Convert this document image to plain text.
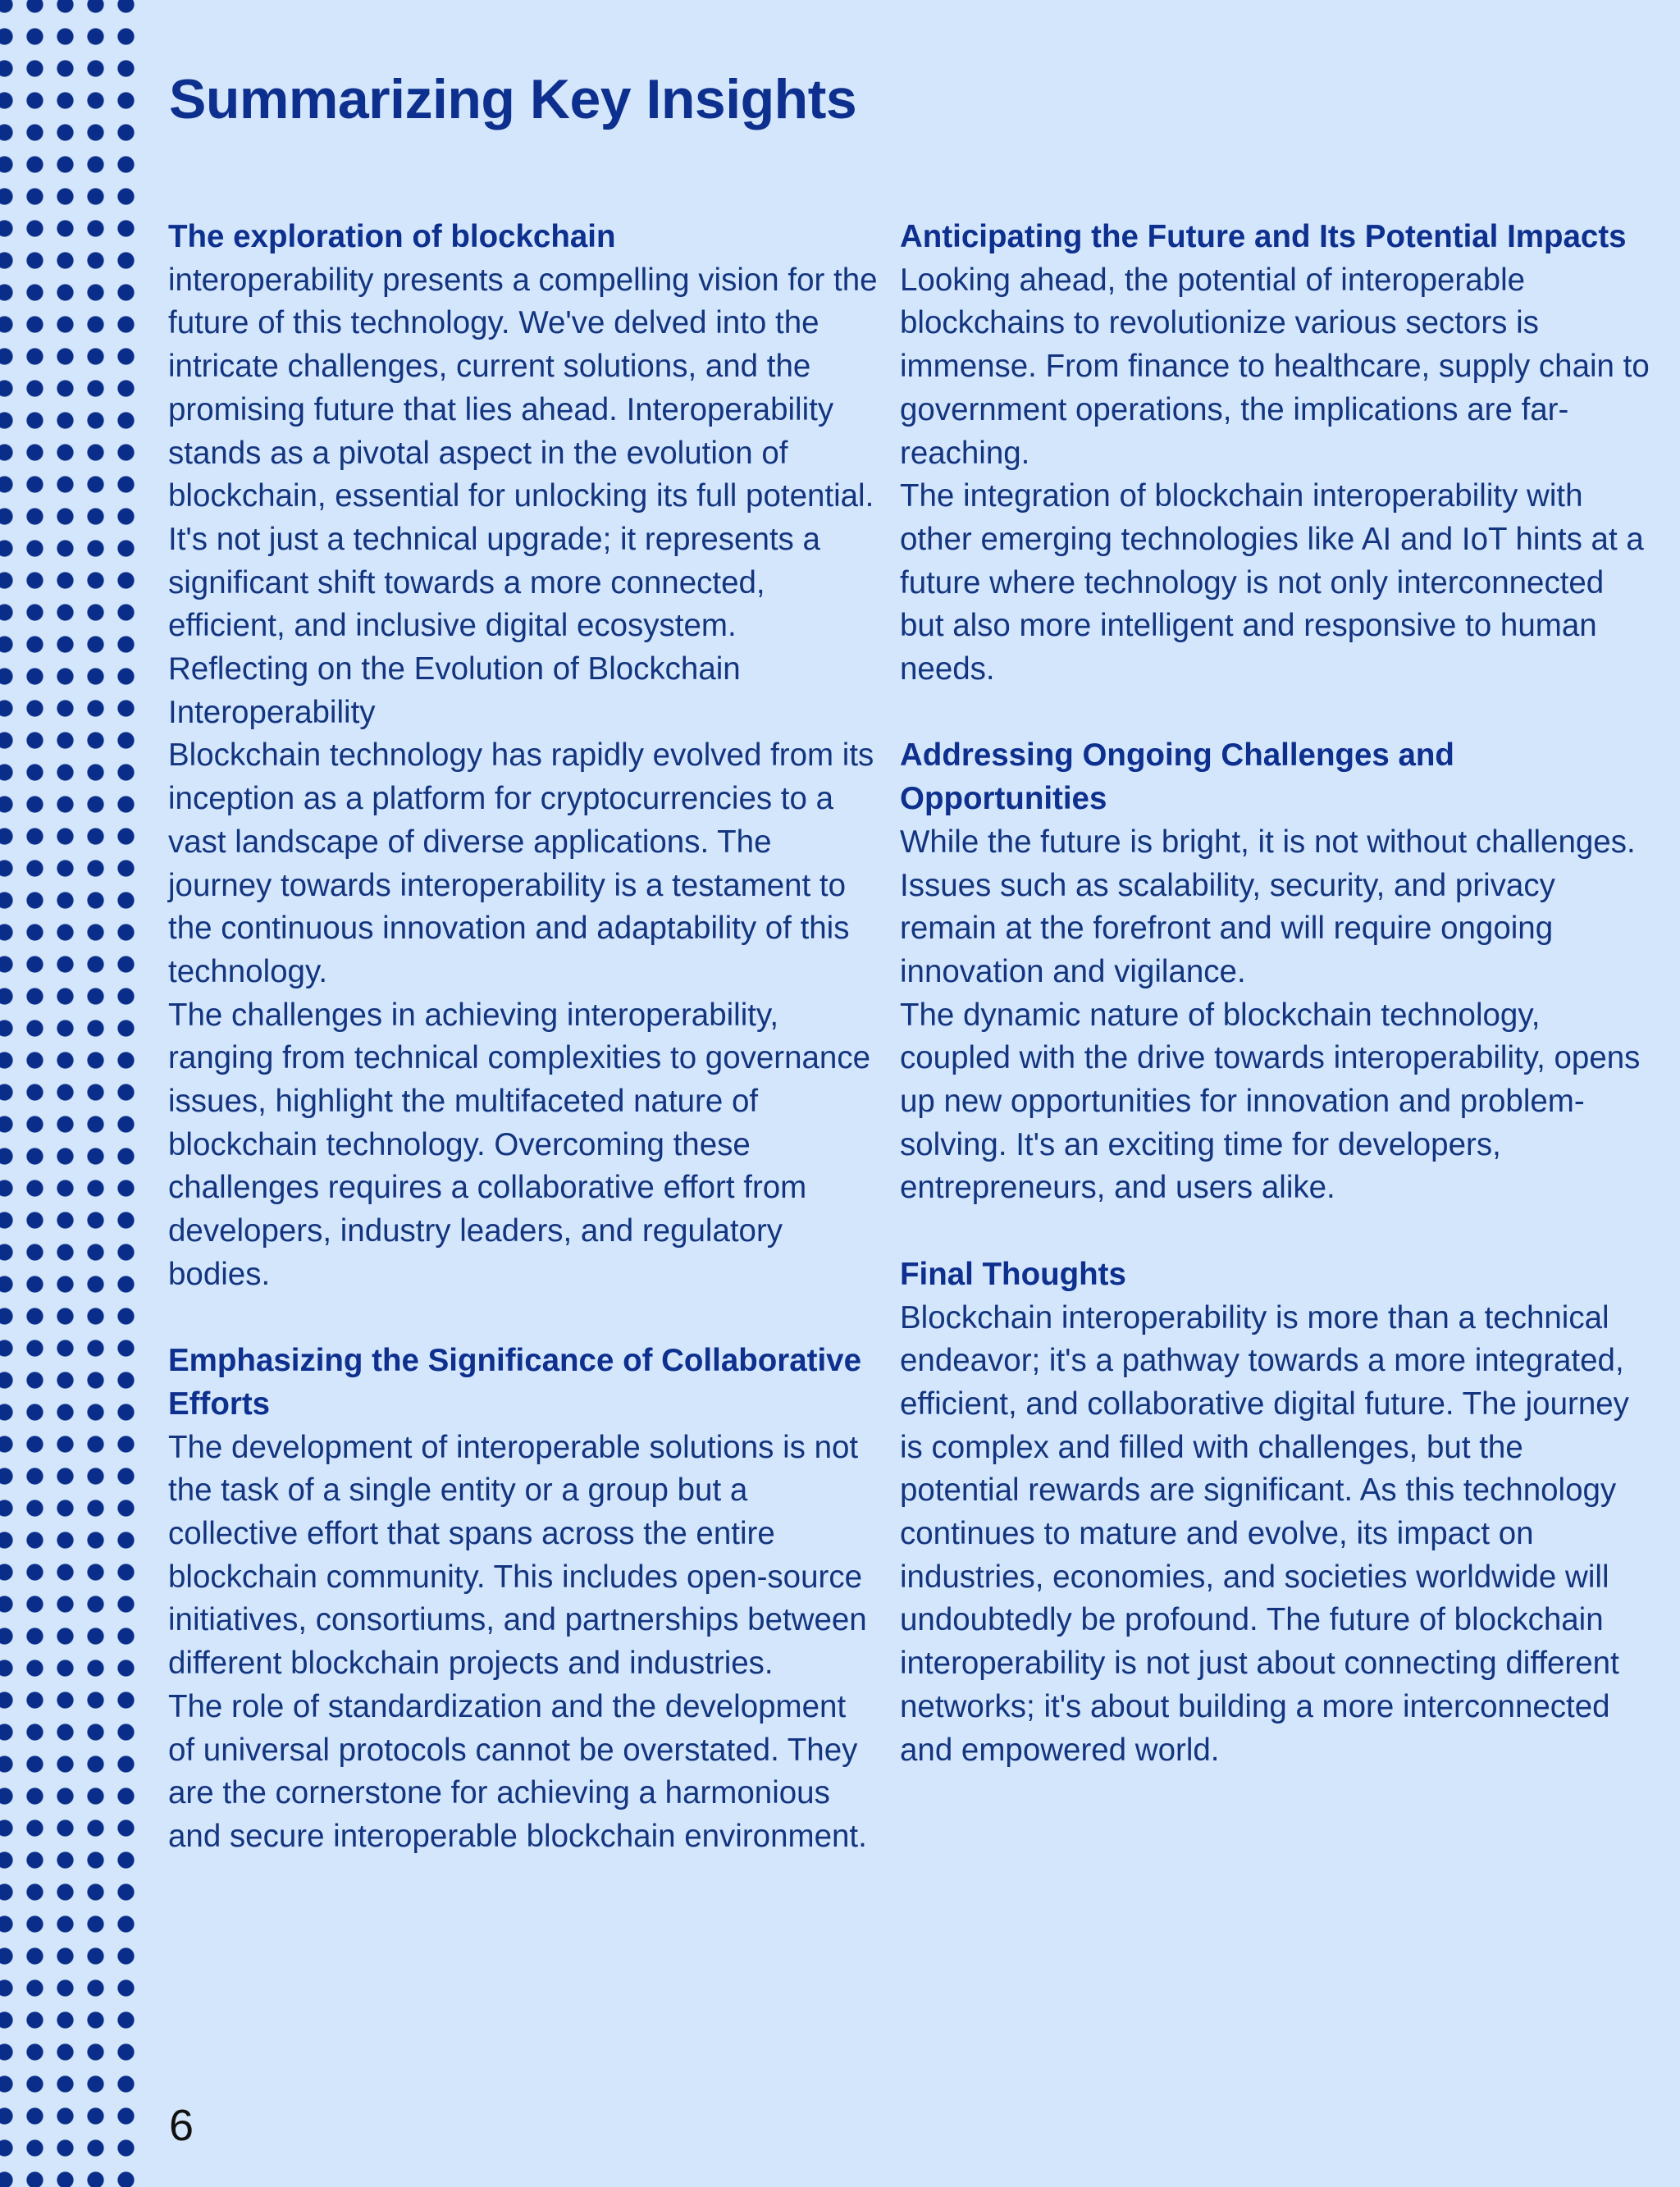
Summarizing Key Insights
The exploration of blockchain

interoperability presents a compelling vision for the future of this technology. We've delved into the intricate challenges, current solutions, and the promising future that lies ahead. Interoperability stands as a pivotal aspect in the evolution of blockchain, essential for unlocking its full potential. It's not just a technical upgrade; it represents a significant shift towards a more connected, efficient, and inclusive digital ecosystem.

Reflecting on the Evolution of Blockchain Interoperability

Blockchain technology has rapidly evolved from its inception as a platform for cryptocurrencies to a vast landscape of diverse applications. The journey towards interoperability is a testament to the continuous innovation and adaptability of this technology.

The challenges in achieving interoperability, ranging from technical complexities to governance issues, highlight the multifaceted nature of blockchain technology. Overcoming these challenges requires a collaborative effort from developers, industry leaders, and regulatory bodies.

Emphasizing the Significance of Collaborative Efforts

The development of interoperable solutions is not the task of a single entity or a group but a collective effort that spans across the entire blockchain community. This includes open-source initiatives, consortiums, and partnerships between different blockchain projects and industries.

The role of standardization and the development of universal protocols cannot be overstated. They are the cornerstone for achieving a harmonious and secure interoperable blockchain environment.

Anticipating the Future and Its Potential Impacts

Looking ahead, the potential of interoperable blockchains to revolutionize various sectors is immense. From finance to healthcare, supply chain to government operations, the implications are far-reaching.

The integration of blockchain interoperability with other emerging technologies like AI and IoT hints at a future where technology is not only interconnected but also more intelligent and responsive to human needs.

Addressing Ongoing Challenges and Opportunities

While the future is bright, it is not without challenges. Issues such as scalability, security, and privacy remain at the forefront and will require ongoing innovation and vigilance.

The dynamic nature of blockchain technology, coupled with the drive towards interoperability, opens up new opportunities for innovation and problem-solving. It's an exciting time for developers, entrepreneurs, and users alike.

Final Thoughts

Blockchain interoperability is more than a technical endeavor; it's a pathway towards a more integrated, efficient, and collaborative digital future. The journey is complex and filled with challenges, but the potential rewards are significant. As this technology continues to mature and evolve, its impact on industries, economies, and societies worldwide will undoubtedly be profound. The future of blockchain interoperability is not just about connecting different networks; it's about building a more interconnected and empowered world.

6
